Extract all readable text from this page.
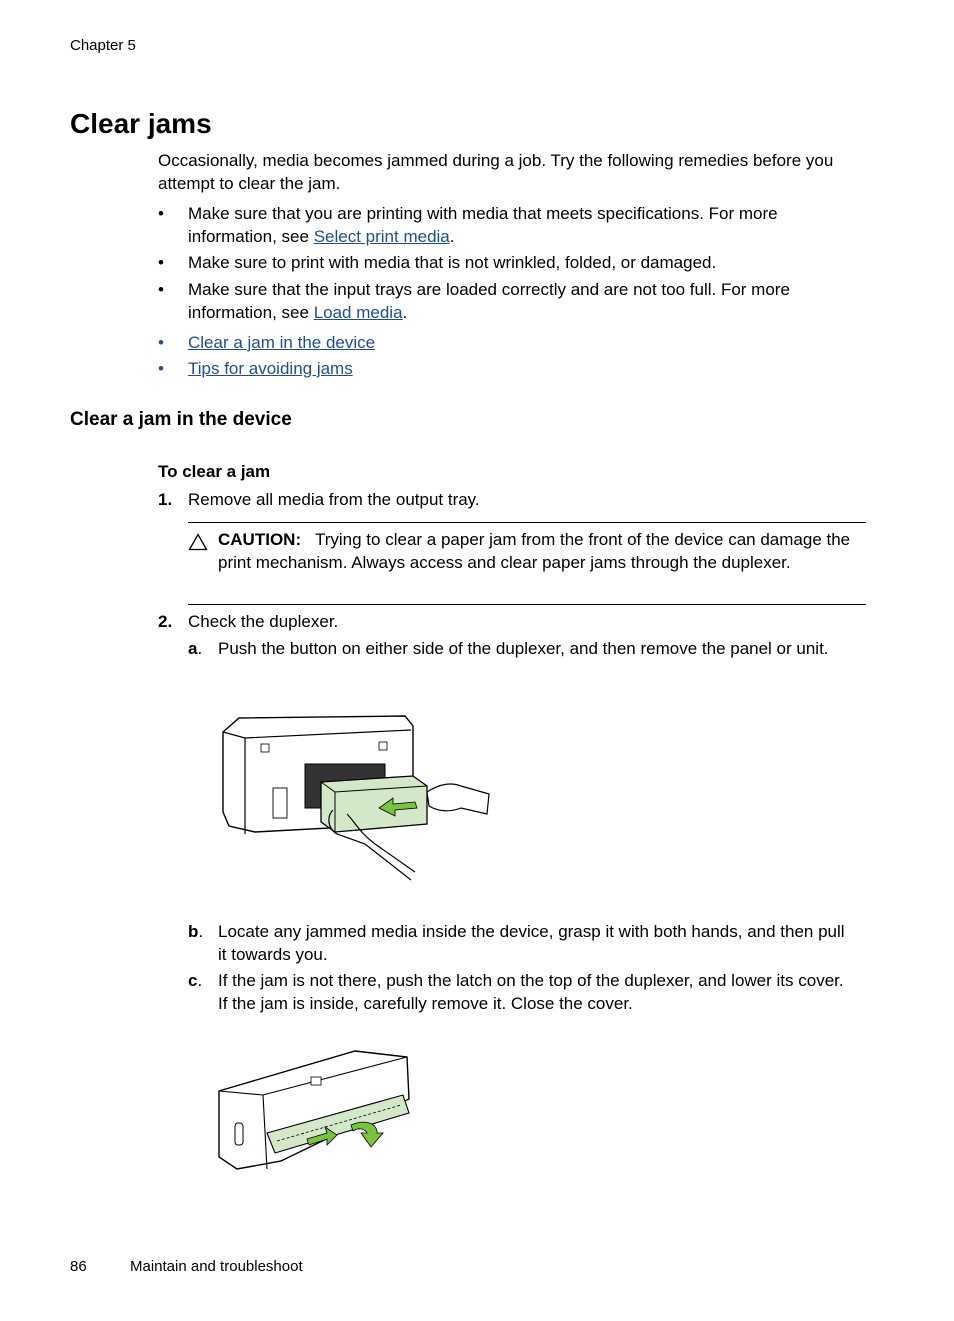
Chapter 5
Clear jams
Occasionally, media becomes jammed during a job. Try the following remedies before you attempt to clear the jam.
•	Make sure that you are printing with media that meets specifications. For more information, see Select print media.
•	Make sure to print with media that is not wrinkled, folded, or damaged.
•	Make sure that the input trays are loaded correctly and are not too full. For more information, see Load media.
•	Clear a jam in the device
•	Tips for avoiding jams
Clear a jam in the device
To clear a jam
1. Remove all media from the output tray.
CAUTION: Trying to clear a paper jam from the front of the device can damage the print mechanism. Always access and clear paper jams through the duplexer.
2. Check the duplexer.
a. Push the button on either side of the duplexer, and then remove the panel or unit.
b. Locate any jammed media inside the device, grasp it with both hands, and then pull it towards you.
c. If the jam is not there, push the latch on the top of the duplexer, and lower its cover. If the jam is inside, carefully remove it. Close the cover.
86	Maintain and troubleshoot
